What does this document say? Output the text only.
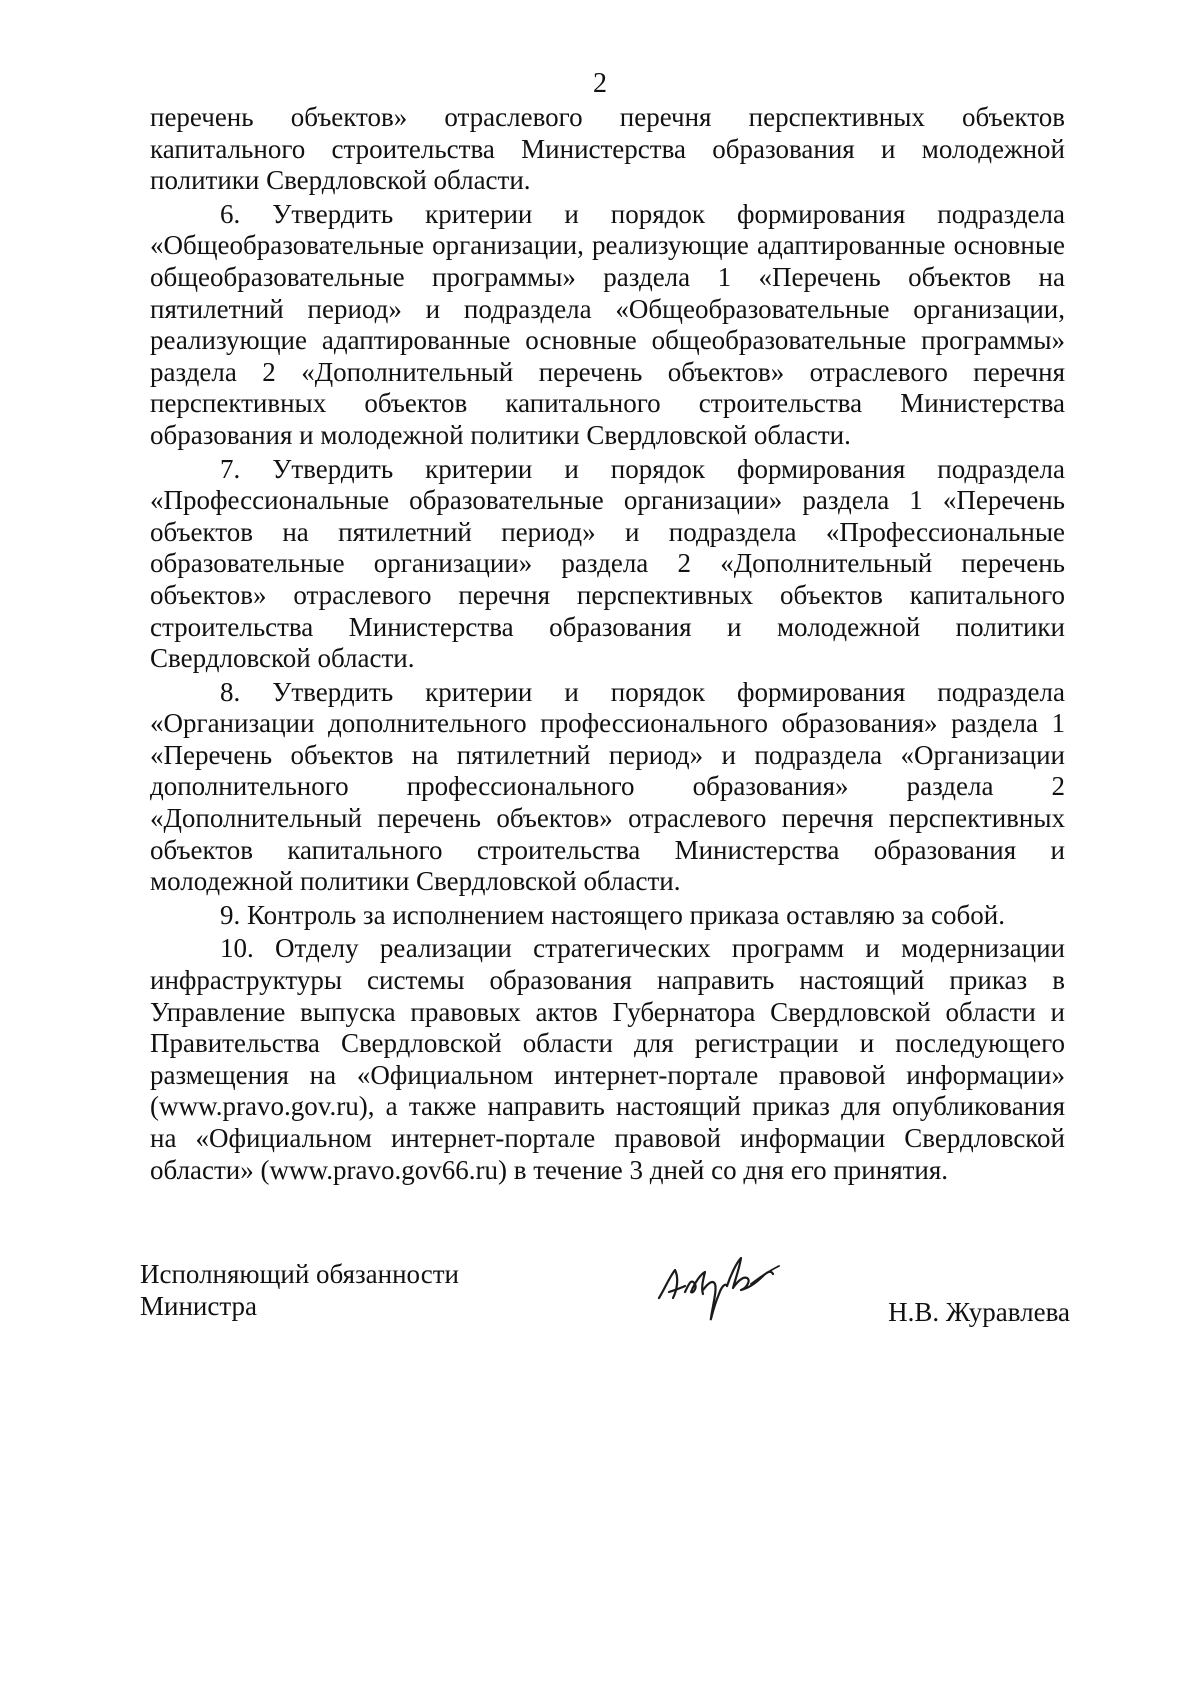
2

перечень объектов» отраслевого перечня перспективных объектов капитального строительства Министерства образования и молодежной политики Свердловской области.

6. Утвердить критерии и порядок формирования подраздела «Общеобразовательные организации, реализующие адаптированные основные общеобразовательные программы» раздела 1 «Перечень объектов на пятилетний период» и подраздела «Общеобразовательные организации, реализующие адаптированные основные общеобразовательные программы» раздела 2 «Дополнительный перечень объектов» отраслевого перечня перспективных объектов капитального строительства Министерства образования и молодежной политики Свердловской области.

7. Утвердить критерии и порядок формирования подраздела «Профессиональные образовательные организации» раздела 1 «Перечень объектов на пятилетний период» и подраздела «Профессиональные образовательные организации» раздела 2 «Дополнительный перечень объектов» отраслевого перечня перспективных объектов капитального строительства Министерства образования и молодежной политики Свердловской области.

8. Утвердить критерии и порядок формирования подраздела «Организации дополнительного профессионального образования» раздела 1 «Перечень объектов на пятилетний период» и подраздела «Организации дополнительного профессионального образования» раздела 2 «Дополнительный перечень объектов» отраслевого перечня перспективных объектов капитального строительства Министерства образования и молодежной политики Свердловской области.

9. Контроль за исполнением настоящего приказа оставляю за собой.

10. Отделу реализации стратегических программ и модернизации инфраструктуры системы образования направить настоящий приказ в Управление выпуска правовых актов Губернатора Свердловской области и Правительства Свердловской области для регистрации и последующего размещения на «Официальном интернет-портале правовой информации» (www.pravo.gov.ru), а также направить настоящий приказ для опубликования на «Официальном интернет-портале правовой информации Свердловской области» (www.pravo.gov66.ru) в течение 3 дней со дня его принятия.

Исполняющий обязанности
Министра	Н.В. Журавлева
